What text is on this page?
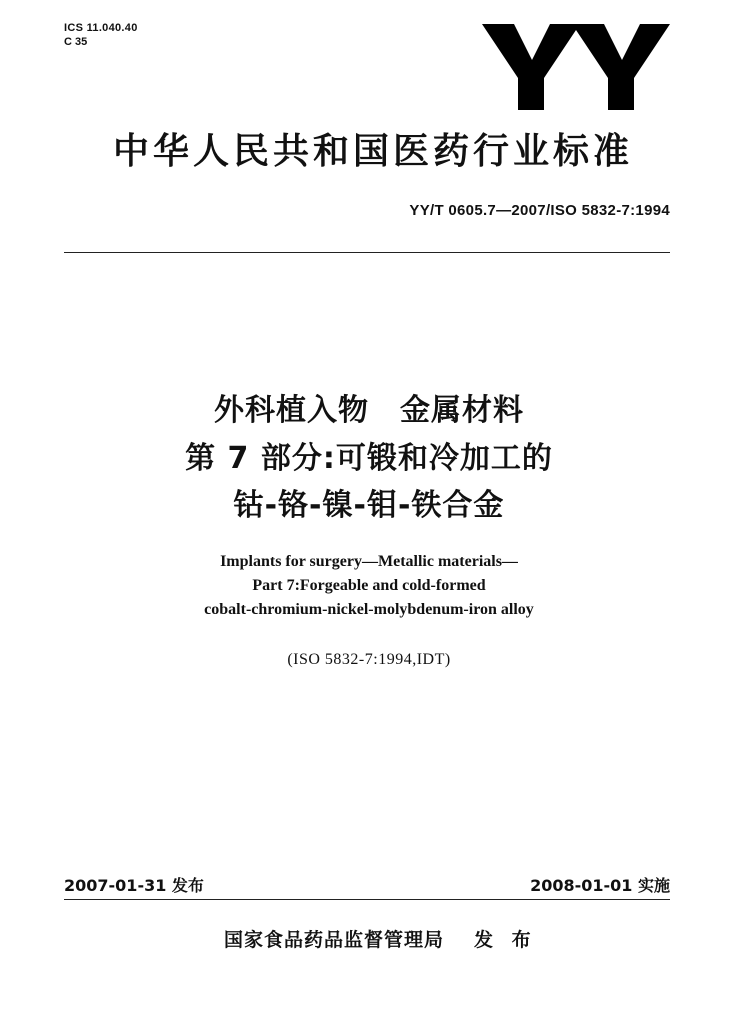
ICS 11.040.40
C 35
中华人民共和国医药行业标准
YY/T 0605.7—2007/ISO 5832-7:1994
外科植入物　金属材料
第 7 部分:可锻和冷加工的
钴-铬-镍-钼-铁合金
Implants for surgery—Metallic materials—
Part 7:Forgeable and cold-formed
cobalt-chromium-nickel-molybdenum-iron alloy
(ISO 5832-7:1994,IDT)
2007-01-31 发布	2008-01-01 实施
国家食品药品监督管理局 发 布
